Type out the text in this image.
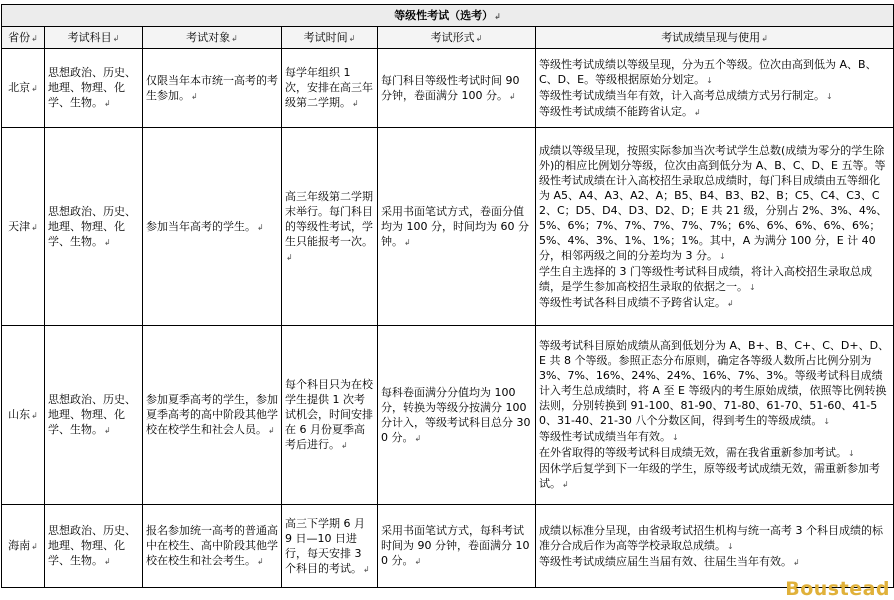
等级性考试（选考）↲					
省份↲	考试科目↲	考试对象↲	考试时间↲	考试形式↲	考试成绩呈现与使用↲
北京↲	思想政治、历史、地理、物理、化学、生物。↲	仅限当年本市统一高考的考生参加。↲	每学年组织 1 次，安排在高三年级第二学期。↲	每门科目等级性考试时间 90 分钟，卷面满分 100 分。↲	等级性考试成绩以等级呈现，分为五个等级。位次由高到低为 A、B、C、D、E。等级根据原始分划定。↓
等级性考试成绩当年有效，计入高考总成绩方式另行制定。↓
等级性考试成绩不能跨省认定。↲

天津↲	思想政治、历史、地理、物理、化学、生物。↲	参加当年高考的学生。↲	高三年级第二学期末举行。每门科目的等级性考试，学生只能报考一次。↲	采用书面笔试方式，卷面分值均为 100 分，时间均为 60 分钟。↲	成绩以等级呈现，按照实际参加当次考试学生总数(成绩为零分的学生除外)的相应比例划分等级，位次由高到低分为 A、B、C、D、E 五等。等级性考试成绩在计入高校招生录取总成绩时，每门科目成绩由五等细化为 A5、A4、A3、A2、A；B5、B4、B3、B2、B；C5、C4、C3、C2、C；D5、D4、D3、D2、D；E 共 21 级，分别占 2%、3%、4%、5%、6%；7%、7%、7%、7%、7%；6%、6%、6%、6%、6%；5%、4%、3%、1%、1%；1%。其中，A 为满分 100 分，E 计 40 分，相邻两级之间的分差均为 3 分。↓
学生自主选择的 3 门等级性考试科目成绩，将计入高校招生录取总成绩，是学生参加高校招生录取的依据之一。↓
等级性考试各科目成绩不予跨省认定。↲

山东↲	思想政治、历史、地理、物理、化学、生物。↲	参加夏季高考的学生，参加夏季高考的高中阶段其他学校在校学生和社会人员。↲	每个科目只为在校学生提供 1 次考试机会，时间安排在 6 月份夏季高考后进行。↲	每科卷面满分分值均为 100 分，转换为等级分按满分 100 分计入，等级考试科目总分 300 分。↲	等级考试科目原始成绩从高到低划分为 A、B+、B、C+、C、D+、D、E 共 8 个等级。参照正态分布原则，确定各等级人数所占比例分别为 3%、7%、16%、24%、24%、16%、7%、3%。等级考试科目成绩计入考生总成绩时，将 A 至 E 等级内的考生原始成绩，依照等比例转换法则，分别转换到 91-100、81-90、71-80、61-70、51-60、41-50、31-40、21-30 八个分数区间，得到考生的等级成绩。↓
等级性考试成绩当年有效。↓
在外省取得的等级考试科目成绩无效，需在我省重新参加考试。↓
因休学后复学到下一年级的学生，原等级考试成绩无效，需重新参加考试。↲

海南↲	思想政治、历史、地理、物理、化学、生物。↲	报名参加统一高考的普通高中在校生、高中阶段其他学校在校生和社会考生。↲	高三下学期 6 月 9 日—10 日进行，每天安排 3 个科目的考试。↲	采用书面笔试方式，每科考试时间为 90 分钟，卷面满分 100 分。↲	成绩以标准分呈现，由省级考试招生机构与统一高考 3 个科目成绩的标准分合成后作为高等学校录取总成绩。↓
等级性考试成绩应届生当届有效、往届生当年有效。↲
Boustead
